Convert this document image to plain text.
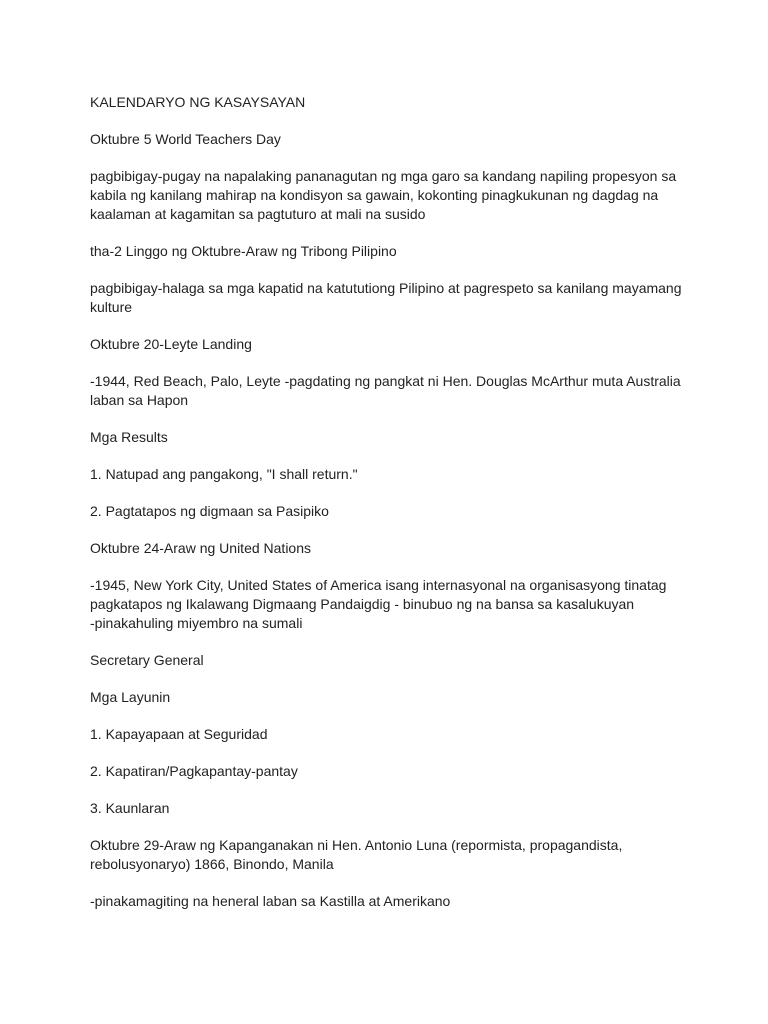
KALENDARYO NG KASAYSAYAN

Oktubre 5 World Teachers Day

pagbibigay-pugay na napalaking pananagutan ng mga garo sa kandang napiling propesyon sa kabila ng kanilang mahirap na kondisyon sa gawain, kokonting pinagkukunan ng dagdag na kaalaman at kagamitan sa pagtuturo at mali na susido

tha-2 Linggo ng Oktubre-Araw ng Tribong Pilipino

pagbibigay-halaga sa mga kapatid na katututiong Pilipino at pagrespeto sa kanilang mayamang kulture

Oktubre 20-Leyte Landing

-1944, Red Beach, Palo, Leyte -pagdating ng pangkat ni Hen. Douglas McArthur muta Australia laban sa Hapon

Mga Results

1. Natupad ang pangakong, "I shall return."

2. Pagtatapos ng digmaan sa Pasipiko

Oktubre 24-Araw ng United Nations

-1945, New York City, United States of America isang internasyonal na organisasyong tinatag pagkatapos ng Ikalawang Digmaang Pandaigdig - binubuo ng na bansa sa kasalukuyan
-pinakahuling miyembro na sumali

Secretary General

Mga Layunin

1. Kapayapaan at Seguridad

2. Kapatiran/Pagkapantay-pantay

3. Kaunlaran

Oktubre 29-Araw ng Kapanganakan ni Hen. Antonio Luna (repormista, propagandista, rebolusyonaryo) 1866, Binondo, Manila

-pinakamagiting na heneral laban sa Kastilla at Amerikano
